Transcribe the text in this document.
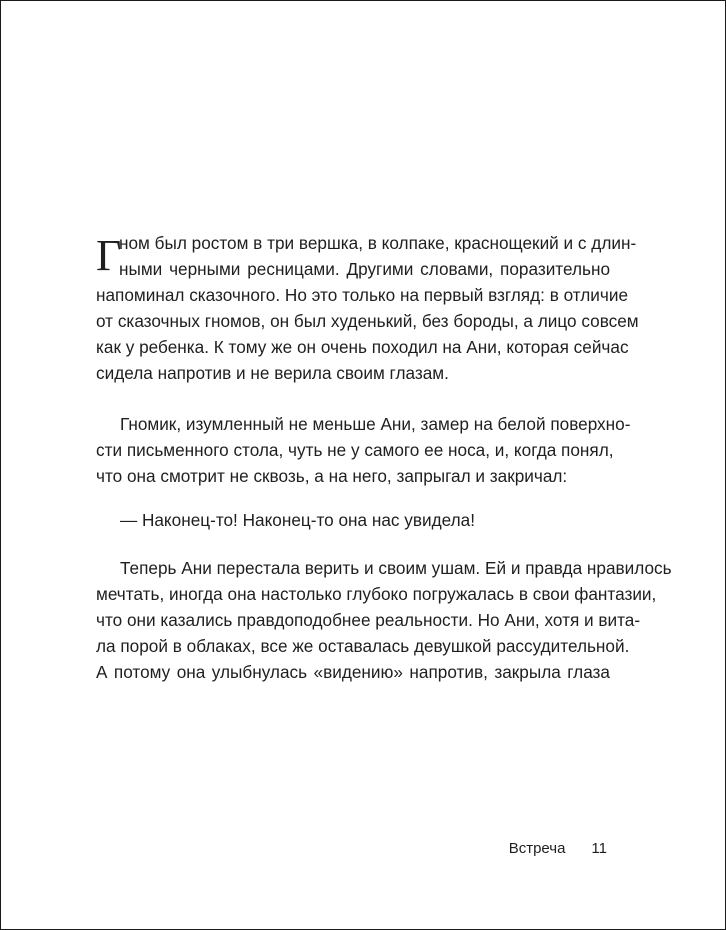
Г
ном был ростом в три вершка, в колпаке, краснощекий и с длин-
ными черными ресницами. Другими словами, поразительно
напоминал сказочного. Но это только на первый взгляд: в отличие
от сказочных гномов, он был худенький, без бороды, а лицо совсем
как у ребенка. К тому же он очень походил на Ани, которая сейчас
сидела напротив и не верила своим глазам.
Гномик, изумленный не меньше Ани, замер на белой поверхно-
сти письменного стола, чуть не у самого ее носа, и, когда понял,
что она смотрит не сквозь, а на него, запрыгал и закричал:
— Наконец-то! Наконец-то она нас увидела!
Теперь Ани перестала верить и своим ушам. Ей и правда нравилось
мечтать, иногда она настолько глубоко погружалась в свои фантазии,
что они казались правдоподобнее реальности. Но Ани, хотя и вита-
ла порой в облаках, все же оставалась девушкой рассудительной.
А потому она улыбнулась «видению» напротив, закрыла глаза
Встреча 11
